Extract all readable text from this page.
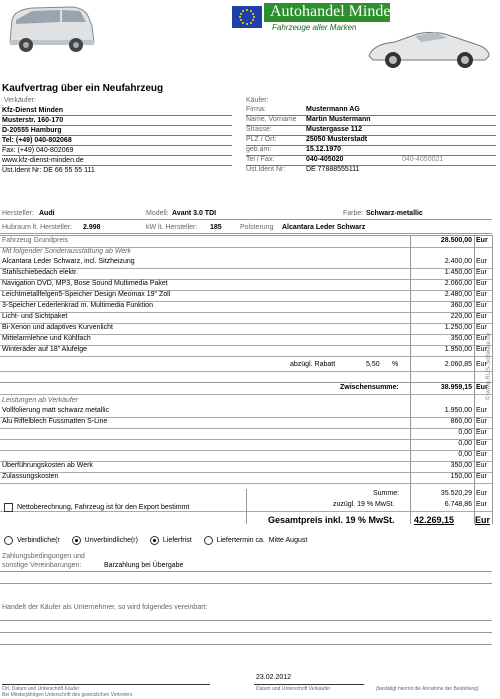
Autohandel Minden
Fahrzeuge aller Marken
Kaufvertrag über ein Neufahrzeug
Verkäufer:
Kfz-Dienst Minden
Musterstr. 160-170
D-20555 Hamburg
Tel: (+49) 040-802068
Fax: (+49) 040-802069
www.kfz-dienst-minden.de
Ust.Ident Nr: DE 66 55 55 111
Käufer:
Firma:	Mustermann AG
Name, Vorname Martin Mustermann
Strasse:	Mustergasse 112
PLZ / Ort:	25050 Musterstadt
geb.am:	15.12.1970
Tel / Fax:	040-405020	040-4050021
Ust.Ident Nr:	DE 77888555111
Hersteller: Audi	Modell: Avant 3.0 TDI	Farbe: Schwarz-metallic
Hubraum lt. Hersteller: 2.998	kW lt. Hersteller: 185	Polsterung Alcantara Leder Schwarz
Fahrzeug Grundpreis	28.500,00 Eur
Mit folgender Sonderausstattung ab Werk
Alcantara Leder Schwarz, incl. Sitzheizung	2.400,00 Eur
Stahlschiebedach elektr.	1.450,00 Eur
Navigation DVD, MP3, Bose Sound Multimedia Paket	2.060,00 Eur
Leichtmetallfelgen5-Speicher Design Meomax 19" Zoll	2.480,00 Eur
3-Speicher Lederlenkrad m. Multimedia Funktion	360,00 Eur
Licht- und Sichtpaket	220,00 Eur
Bi-Xenon und adaptives Kurvenlicht	1.250,00 Eur
Mittelarmlehne und Kühlfach	350,00 Eur
Winteräder auf 18" Alufelge	1.950,00 Eur
abzügl. Rabatt	5,50 %	2.060,85 Eur
Zwischensumme:	38.959,15 Eur
Leistungen ab Verkäufer
Vollfolierung matt schwarz metallic	1.950,00 Eur
Alu Riffelblech Fussmatten S-Line	860,00 Eur
0,00 Eur
0,00 Eur
0,00 Eur
Überführungskosten ab Werk	350,00 Eur
Zulassungskosten	150,00 Eur
Summe:	35.520,29 Eur
zuzügl. 19 % MwSt.	6.748,86 Eur
Nettoberechnung, Fahrzeug ist für den Export bestimmt
Gesamtpreis inkl. 19 % MwSt. 42.269,15 Eur
© www.RUS-Software.de
Verbindliche(r	Unverbindliche(r)	Lieferfrist	Liefertermin ca. Mitte August
Zahlungsbedingungen und
sonstige Vereinbarungen:	Barzahlung bei Übergabe
Handelt der Käufer als Unternehmer, so wird folgendes vereinbart:
23.02.2012
Ort, Datum und Unterschrift Käufer
Bei Minderjährigen Unterschrift des gesetzlichen Vertreters
Datum und Unterschrift Verkäufer	(bestätigt hiermit die Annahme der Bestellung)
